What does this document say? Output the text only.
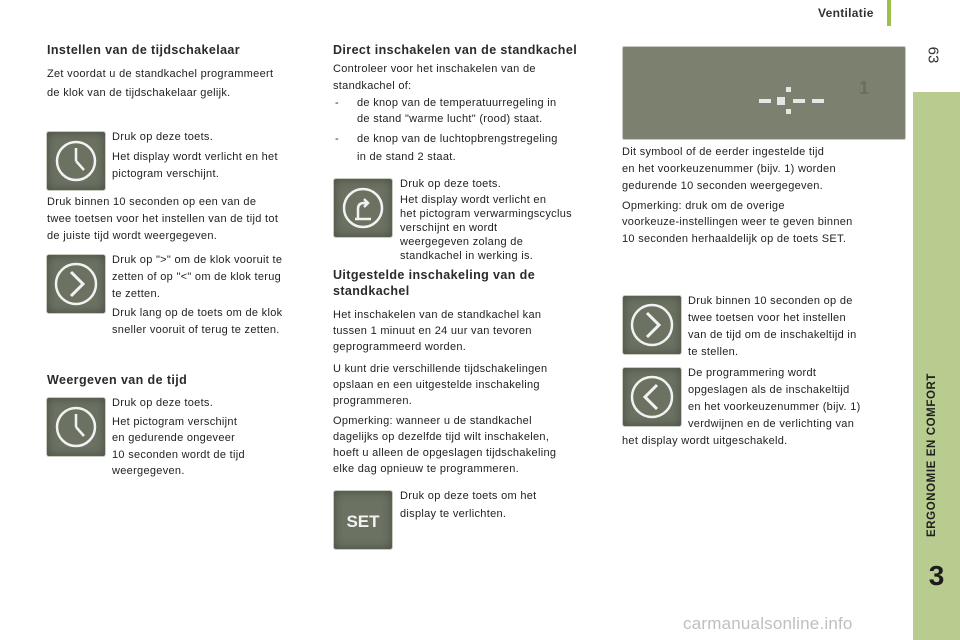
Ventilatie
63
ERGONOMIE EN COMFORT
3
Instellen van de tijdschakelaar

Zet voordat u de standkachel programmeert

de klok van de tijdschakelaar gelijk.

Druk op deze toets.

Het display wordt verlicht en het

pictogram verschijnt.

Druk binnen 10 seconden op een van de

twee toetsen voor het instellen van de tijd tot

de juiste tijd wordt weergegeven.

Druk op ">" om de klok vooruit te

zetten of op "<" om de klok terug

te zetten.

Druk lang op de toets om de klok

sneller vooruit of terug te zetten.

Weergeven van de tijd

Druk op deze toets.

Het pictogram verschijnt

en gedurende ongeveer

10 seconden wordt de tijd

weergegeven.

Direct inschakelen van de standkachel

Controleer voor het inschakelen van de

standkachel of:

- de knop van de temperatuurregeling in

de stand "warme lucht" (rood) staat.

- de knop van de luchtopbrengstregeling

in de stand 2 staat.

Druk op deze toets.

Het display wordt verlicht en

het pictogram verwarmingscyclus

verschijnt en wordt

weergegeven zolang de

standkachel in werking is.

Uitgestelde inschakeling van de
standkachel

Het inschakelen van de standkachel kan

tussen 1 minuut en 24 uur van tevoren

geprogrammeerd worden.

U kunt drie verschillende tijdschakelingen

opslaan en een uitgestelde inschakeling

programmeren.

Opmerking: wanneer u de standkachel

dagelijks op dezelfde tijd wilt inschakelen,

hoeft u alleen de opgeslagen tijdschakeling

elke dag opnieuw te programmeren.

SET

Druk op deze toets om het

display te verlichten.

1

Dit symbool of de eerder ingestelde tijd

en het voorkeuzenummer (bijv. 1) worden

gedurende 10 seconden weergegeven.

Opmerking: druk om de overige

voorkeuze-instellingen weer te geven binnen

10 seconden herhaaldelijk op de toets SET.

Druk binnen 10 seconden op de

twee toetsen voor het instellen

van de tijd om de inschakeltijd in

te stellen.

De programmering wordt

opgeslagen als de inschakeltijd

en het voorkeuzenummer (bijv. 1)

verdwijnen en de verlichting van

het display wordt uitgeschakeld.

carmanualsonline.info
